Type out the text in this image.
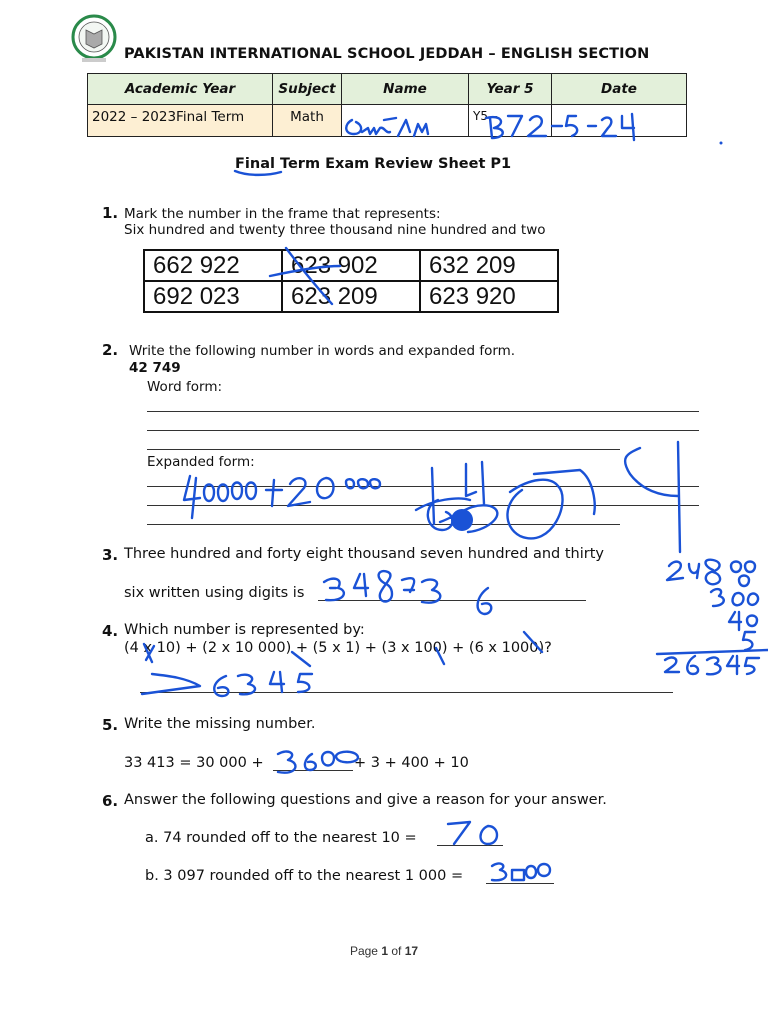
PAKISTAN INTERNATIONAL SCHOOL JEDDAH – ENGLISH SECTION
Academic Year	Subject	Name	Year 5	Date
2022 – 2023Final Term	Math		Y5 –	
Final Term Exam Review Sheet P1
1. Mark the number in the frame that represents:
Six hundred and twenty three thousand nine hundred and two
662 922	623 902	632 209
692 023	623 209	623 920
2. Write the following number in words and expanded form.
42 749
Word form:
Expanded form:
3. Three hundred and forty eight thousand seven hundred and thirty
six written using digits is
4. Which number is represented by:
(4 x 10) + (2 x 10 000) + (5 x 1) + (3 x 100) + (6 x 1000)?
5. Write the missing number.
33 413 = 30 000 +	+ 3 + 400 + 10
6. Answer the following questions and give a reason for your answer.
a. 74 rounded off to the nearest 10 =
b. 3 097 rounded off to the nearest 1 000 =
Page 1 of 17
